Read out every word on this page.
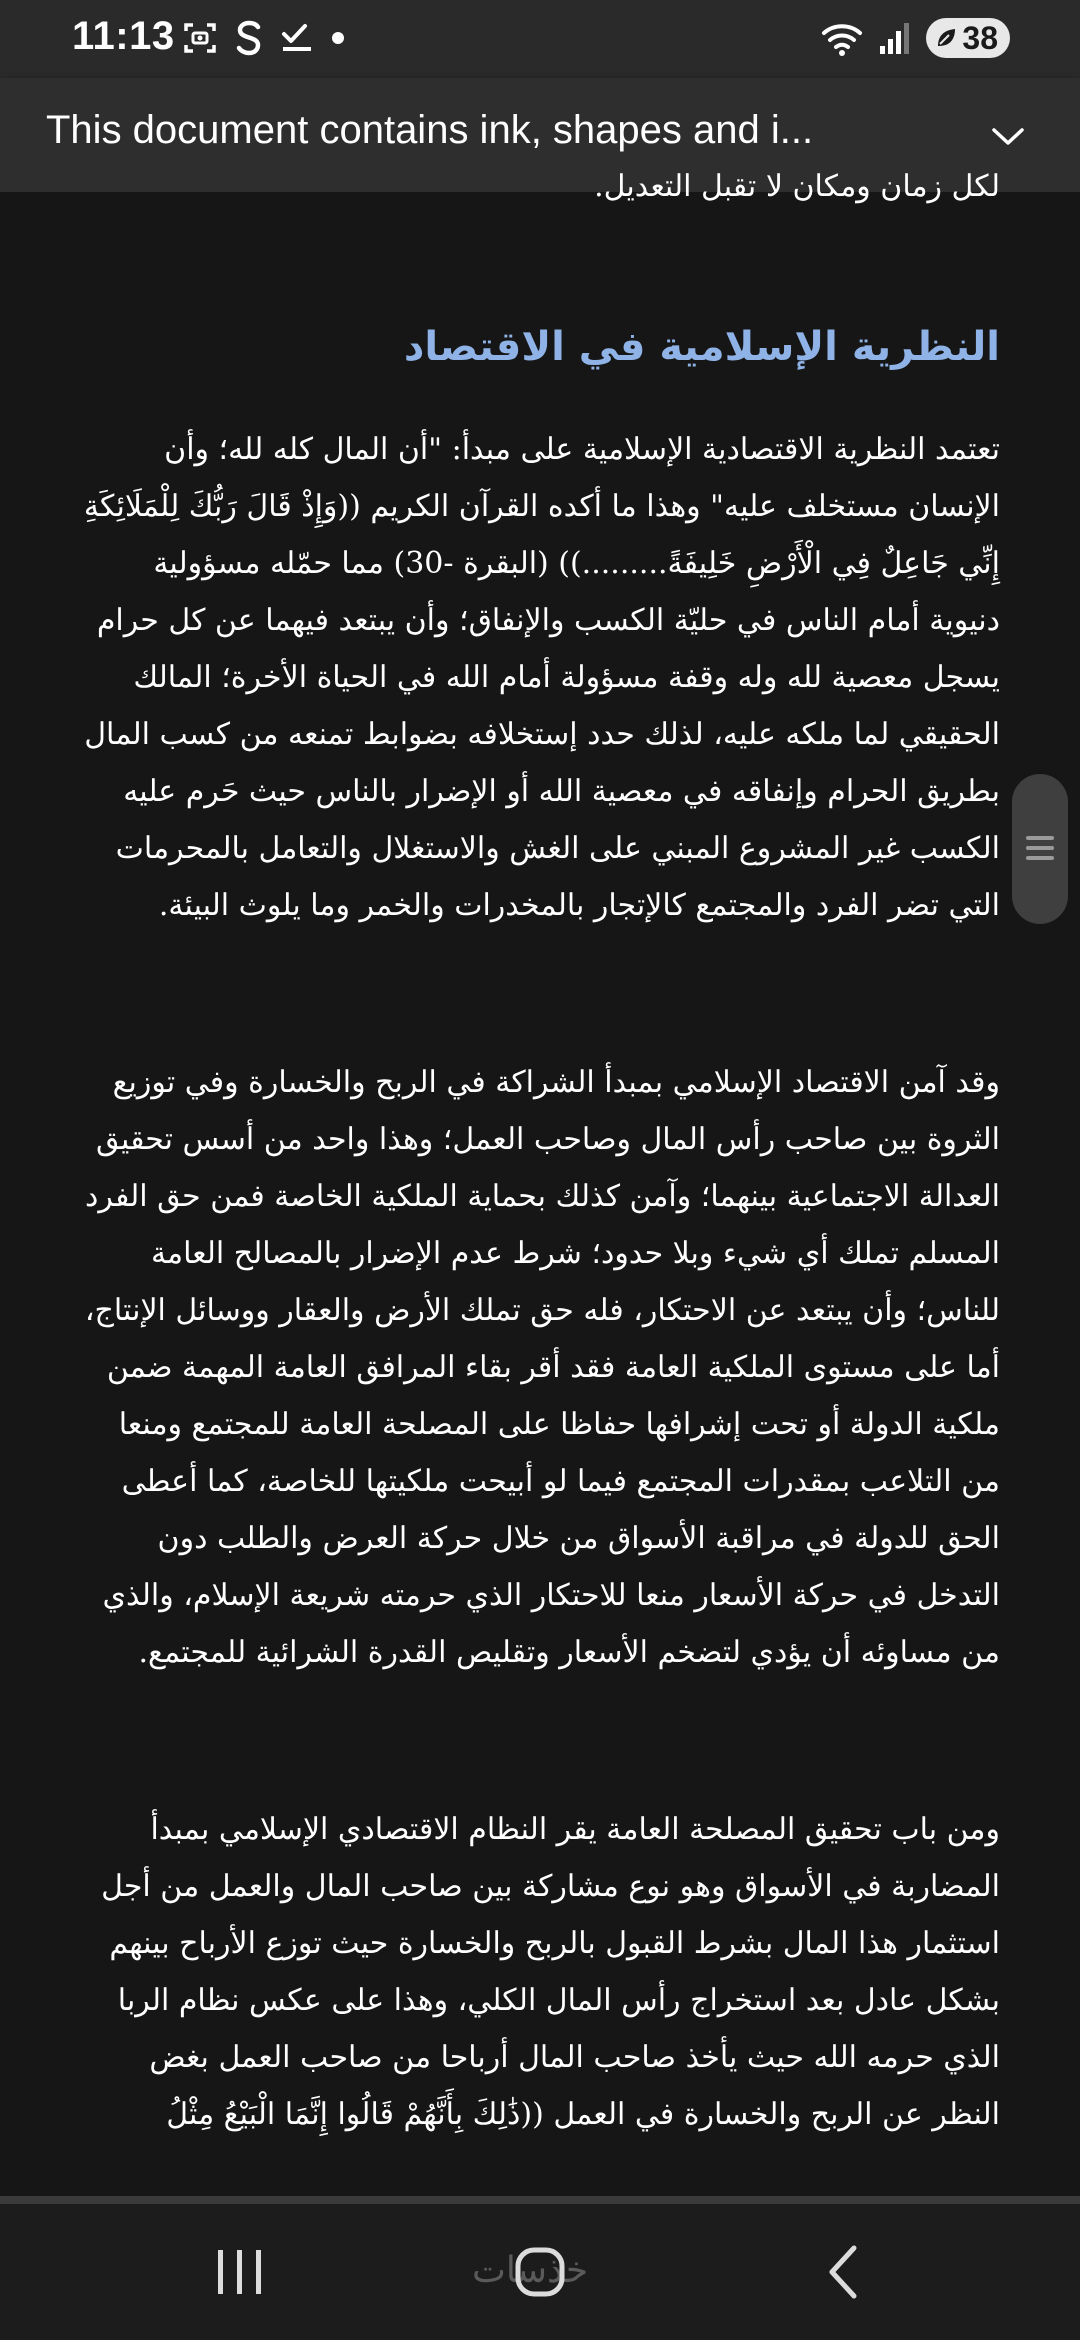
11:13	38
This document contains ink, shapes and i...

لكل زمان ومكان لا تقبل التعديل.

النظرية الإسلامية في الاقتصاد

تعتمد النظرية الاقتصادية الإسلامية على مبدأ: "أن المال كله لله؛ وأن الإنسان مستخلف عليه" وهذا ما أكده القرآن الكريم ((وَإِذْ قَالَ رَبُّكَ لِلْمَلَائِكَةِ إِنِّي جَاعِلٌ فِي الْأَرْضِ خَلِيفَةً.........)) (البقرة -30) مما حمّله مسؤولية دنيوية أمام الناس في حليّة الكسب والإنفاق؛ وأن يبتعد فيهما عن كل حرام يسجل معصية لله وله وقفة مسؤولة أمام الله في الحياة الأخرة؛ المالك الحقيقي لما ملكه عليه، لذلك حدد إستخلافه بضوابط تمنعه من كسب المال بطريق الحرام وإنفاقه في معصية الله أو الإضرار بالناس حيث حَرم عليه الكسب غير المشروع المبني على الغش والاستغلال والتعامل بالمحرمات التي تضر الفرد والمجتمع كالإتجار بالمخدرات والخمر وما يلوث البيئة.

وقد آمن الاقتصاد الإسلامي بمبدأ الشراكة في الربح والخسارة وفي توزيع الثروة بين صاحب رأس المال وصاحب العمل؛ وهذا واحد من أسس تحقيق العدالة الاجتماعية بينهما؛ وآمن كذلك بحماية الملكية الخاصة فمن حق الفرد المسلم تملك أي شيء وبلا حدود؛ شرط عدم الإضرار بالمصالح العامة للناس؛ وأن يبتعد عن الاحتكار، فله حق تملك الأرض والعقار ووسائل الإنتاج، أما على مستوى الملكية العامة فقد أقر بقاء المرافق العامة المهمة ضمن ملكية الدولة أو تحت إشرافها حفاظا على المصلحة العامة للمجتمع ومنعا من التلاعب بمقدرات المجتمع فيما لو أبيحت ملكيتها للخاصة، كما أعطى الحق للدولة في مراقبة الأسواق من خلال حركة العرض والطلب دون التدخل في حركة الأسعار منعا للاحتكار الذي حرمته شريعة الإسلام، والذي من مساوئه أن يؤدي لتضخم الأسعار وتقليص القدرة الشرائية للمجتمع.

ومن باب تحقيق المصلحة العامة يقر النظام الاقتصادي الإسلامي بمبدأ المضاربة في الأسواق وهو نوع مشاركة بين صاحب المال والعمل من أجل استثمار هذا المال بشرط القبول بالربح والخسارة حيث توزع الأرباح بينهم بشكل عادل بعد استخراج رأس المال الكلي، وهذا على عكس نظام الربا الذي حرمه الله حيث يأخذ صاحب المال أرباحا من صاحب العمل بغض النظر عن الربح والخسارة في العمل ((ذَٰلِكَ بِأَنَّهُمْ قَالُوا إِنَّمَا الْبَيْعُ مِثْلُ

خذسات
